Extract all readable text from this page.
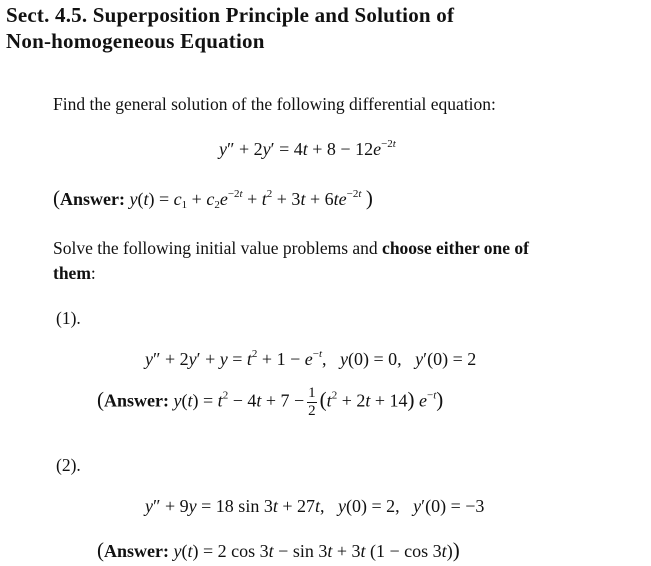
Sect. 4.5. Superposition Principle and Solution of
Non-homogeneous Equation
Find the general solution of the following differential equation:
$y'' + 2y' = 4t + 8 - 12e^{-2t}$
(Answer: $y(t) = c_1 + c_2e^{-2t} + t^2 + 3t + 6te^{-2t}$ )
Solve the following initial value problems and choose either one of
them:
(1).
$y'' + 2y' + y = t^2 + 1 - e^{-t}$,   y(0) = 0,   y′(0) = 2
(Answer: $y(t) = t^2 - 4t + 7 - \frac{1}{2} (t^2 + 2t + 14)$ $e^{-t}$)
(2).
y″ + 9y = 18 sin 3t + 27t,   y(0) = 2,   y′(0) = −3
(Answer: y(t) = 2 cos 3t − sin 3t + 3t (1 − cos 3t))
